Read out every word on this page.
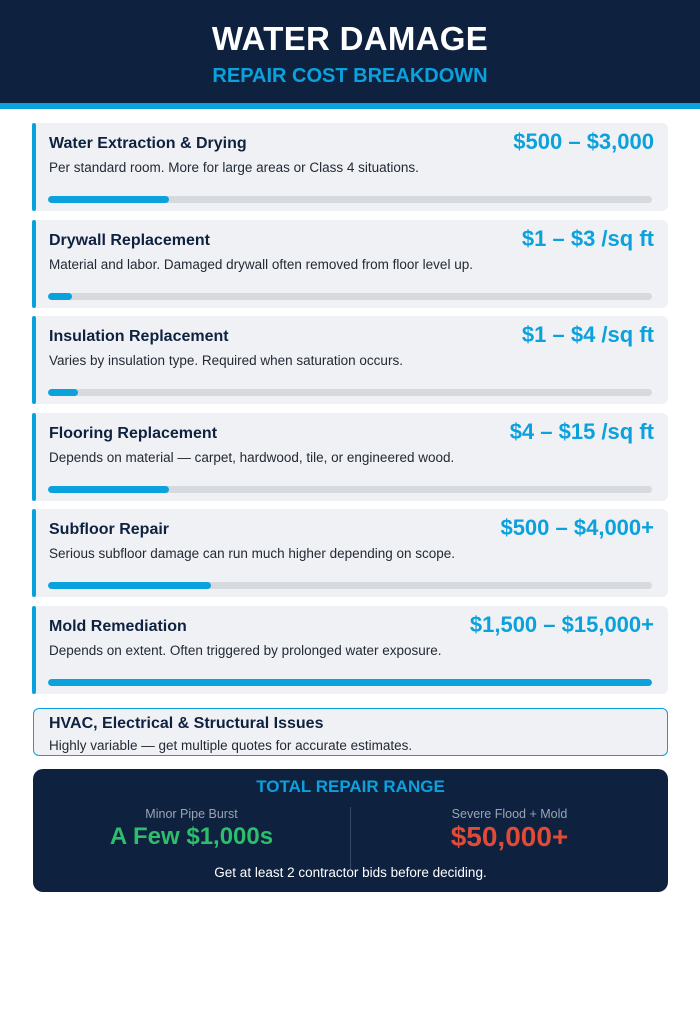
WATER DAMAGE
REPAIR COST BREAKDOWN
Water Extraction & Drying	$500 – $3,000
Per standard room. More for large areas or Class 4 situations.
Drywall Replacement	$1 – $3 /sq ft
Material and labor. Damaged drywall often removed from floor level up.
Insulation Replacement	$1 – $4 /sq ft
Varies by insulation type. Required when saturation occurs.
Flooring Replacement	$4 – $15 /sq ft
Depends on material — carpet, hardwood, tile, or engineered wood.
Subfloor Repair	$500 – $4,000+
Serious subfloor damage can run much higher depending on scope.
Mold Remediation	$1,500 – $15,000+
Depends on extent. Often triggered by prolonged water exposure.
HVAC, Electrical & Structural Issues
Highly variable — get multiple quotes for accurate estimates.
TOTAL REPAIR RANGE
Minor Pipe Burst
A Few $1,000s
Severe Flood + Mold
$50,000+
Get at least 2 contractor bids before deciding.
